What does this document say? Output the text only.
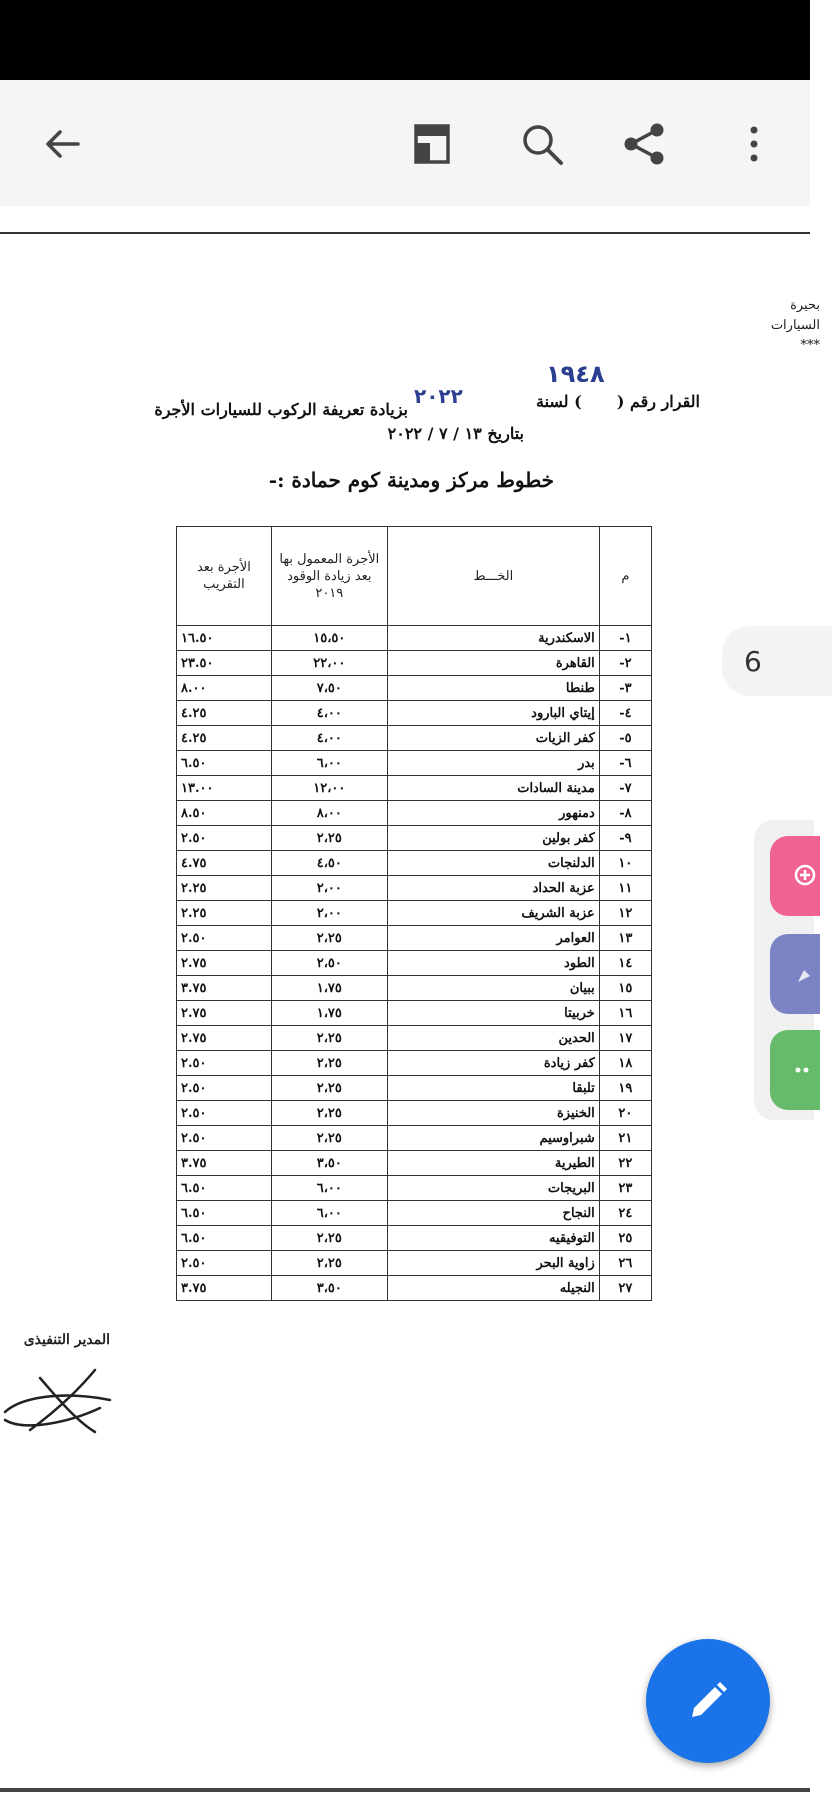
بحيرة
السيارات
***
١٩٤٨
القرار رقم (
) لسنة
٢٠٢٢
بزيادة تعريفة الركوب للسيارات الأجرة
بتاريخ ١٣ / ٧ / ٢٠٢٢
خطوط مركز ومدينة كوم حمادة :-
الأجرة بعد التقريب	الأجرة المعمول بها بعد زيادة الوقود ٢٠١٩	الخـــط	م
١٦.٥٠	١٥،٥٠	الاسكندرية	١-
٢٣.٥٠	٢٢،٠٠	القاهرة	٢-
٨.٠٠	٧،٥٠	طنطا	٣-
٤.٢٥	٤،٠٠	إيتاي البارود	٤-
٤.٢٥	٤،٠٠	كفر الزيات	٥-
٦.٥٠	٦،٠٠	بدر	٦-
١٣.٠٠	١٢،٠٠	مدينة السادات	٧-
٨.٥٠	٨،٠٠	دمنهور	٨-
٢.٥٠	٢،٢٥	كفر بولين	٩-
٤.٧٥	٤،٥٠	الدلنجات	١٠
٢.٢٥	٢،٠٠	عزبة الحداد	١١
٢.٢٥	٢،٠٠	عزبة الشريف	١٢
٢.٥٠	٢،٢٥	العوامر	١٣
٢.٧٥	٢،٥٠	الطود	١٤
٣.٧٥	١،٧٥	ببيان	١٥
٢.٧٥	١،٧٥	خربيتا	١٦
٢.٧٥	٢،٢٥	الحدين	١٧
٢.٥٠	٢،٢٥	كفر زيادة	١٨
٢.٥٠	٢،٢٥	تلبقا	١٩
٢.٥٠	٢،٢٥	الخنيزة	٢٠
٢.٥٠	٢،٢٥	شبراوسيم	٢١
٣.٧٥	٣،٥٠	الطيرية	٢٢
٦.٥٠	٦،٠٠	البريجات	٢٣
٦.٥٠	٦،٠٠	النجاح	٢٤
٦.٥٠	٢،٢٥	التوفيقيه	٢٥
٢.٥٠	٢،٢٥	زاوية البحر	٢٦
٣.٧٥	٣،٥٠	النجيله	٢٧
المدير التنفيذى
6
